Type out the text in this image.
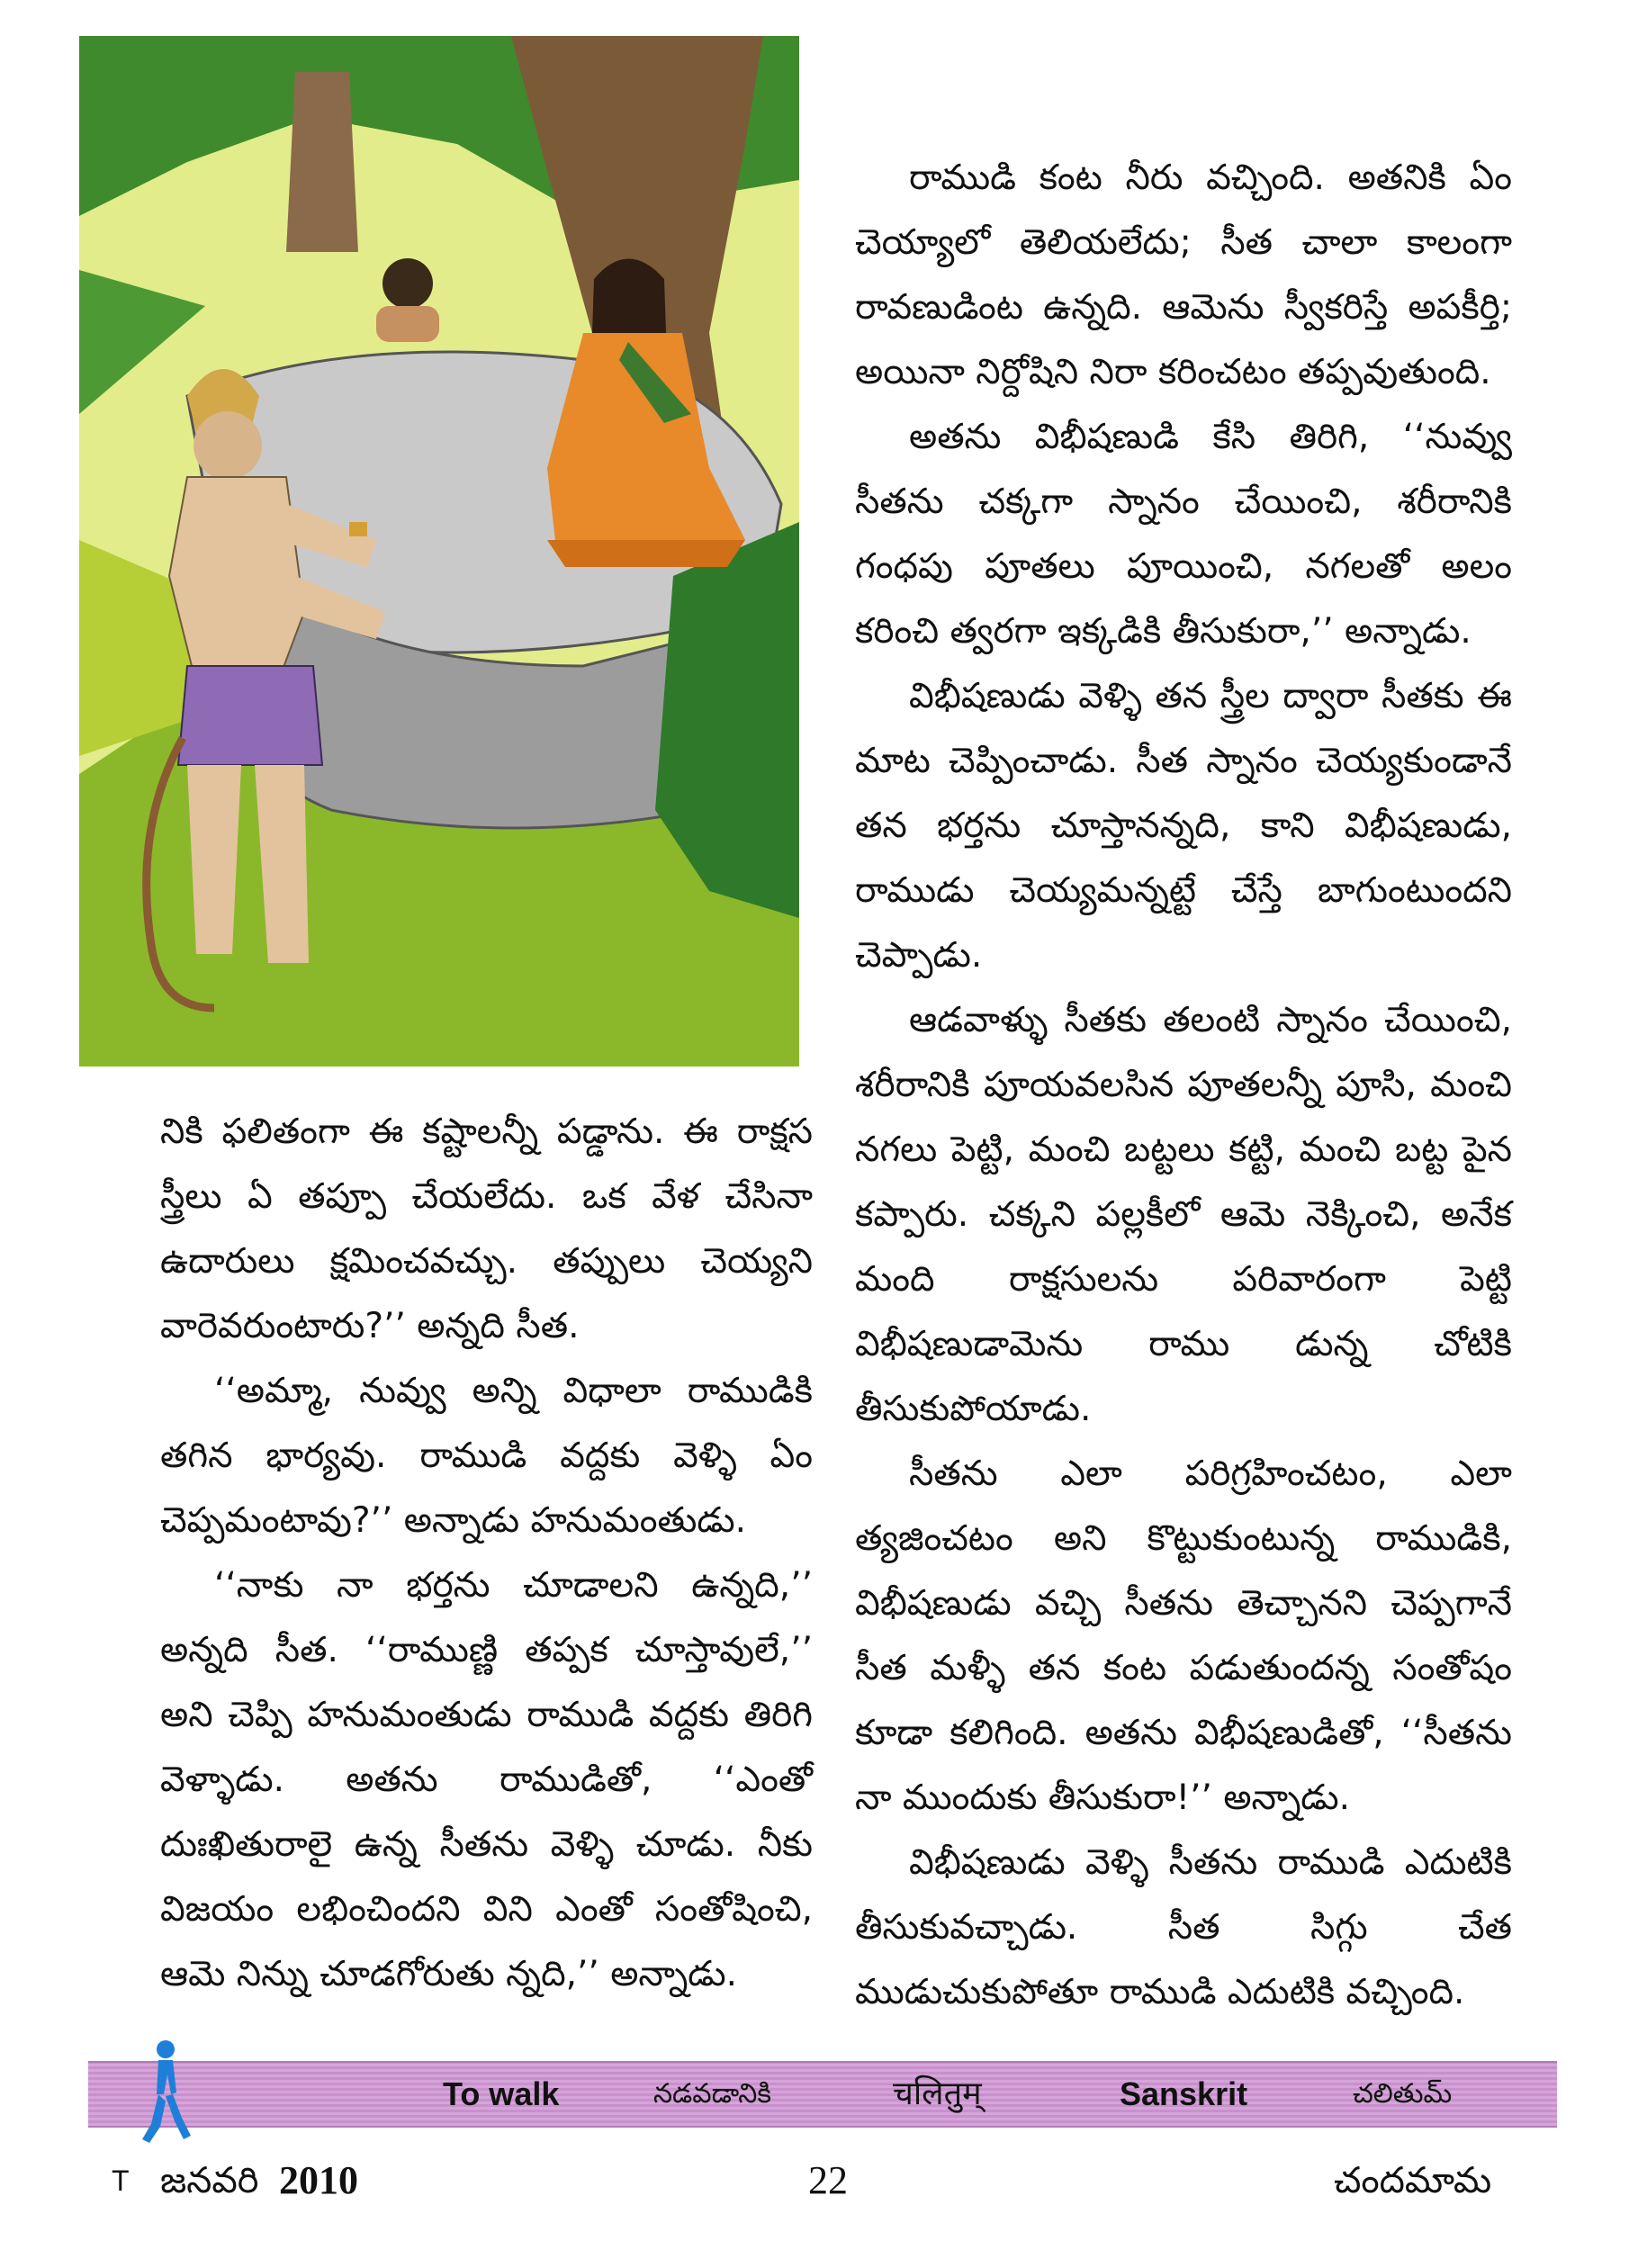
నికి ఫలితంగా ఈ కష్టాలన్నీ పడ్డాను. ఈ రాక్షస స్త్రీలు ఏ తప్పూ చేయలేదు. ఒక వేళ చేసినా ఉదారులు క్షమించవచ్చు. తప్పులు చెయ్యని వారెవరుంటారు?’’ అన్నది సీత.

‘‘అమ్మా, నువ్వు అన్ని విధాలా రాముడికి తగిన భార్యవు. రాముడి వద్దకు వెళ్ళి ఏం చెప్పమంటావు?’’ అన్నాడు హనుమంతుడు.

‘‘నాకు నా భర్తను చూడాలని ఉన్నది,’’ అన్నది సీత. ‘‘రాముణ్ణి తప్పక చూస్తావులే,’’ అని చెప్పి హనుమంతుడు రాముడి వద్దకు తిరిగి వెళ్ళాడు. అతను రాముడితో, ‘‘ఎంతో దుఃఖితురాలై ఉన్న సీతను వెళ్ళి చూడు. నీకు విజయం లభించిందని విని ఎంతో సంతోషించి, ఆమె నిన్ను చూడగోరుతు న్నది,’’ అన్నాడు.

రాముడి కంట నీరు వచ్చింది. అతనికి ఏం చెయ్యాలో తెలియలేదు; సీత చాలా కాలంగా రావణుడింట ఉన్నది. ఆమెను స్వీకరిస్తే అపకీర్తి; అయినా నిర్దోషిని నిరా కరించటం తప్పవుతుంది.

అతను విభీషణుడి కేసి తిరిగి, ‘‘నువ్వు సీతను చక్కగా స్నానం చేయించి, శరీరానికి గంధపు పూతలు పూయించి, నగలతో అలం కరించి త్వరగా ఇక్కడికి తీసుకురా,’’ అన్నాడు.

విభీషణుడు వెళ్ళి తన స్త్రీల ద్వారా సీతకు ఈ మాట చెప్పించాడు. సీత స్నానం చెయ్యకుండానే తన భర్తను చూస్తానన్నది, కాని విభీషణుడు, రాముడు చెయ్యమన్నట్టే చేస్తే బాగుంటుందని చెప్పాడు.

ఆడవాళ్ళు సీతకు తలంటి స్నానం చేయించి, శరీరానికి పూయవలసిన పూతలన్నీ పూసి, మంచి నగలు పెట్టి, మంచి బట్టలు కట్టి, మంచి బట్ట పైన కప్పారు. చక్కని పల్లకీలో ఆమె నెక్కించి, అనేక మంది రాక్షసులను పరివారంగా పెట్టి విభీషణుడామెను రాము డున్న చోటికి తీసుకుపోయాడు.

సీతను ఎలా పరిగ్రహించటం, ఎలా త్యజించటం అని కొట్టుకుంటున్న రాముడికి, విభీషణుడు వచ్చి సీతను తెచ్చానని చెప్పగానే సీత మళ్ళీ తన కంట పడుతుందన్న సంతోషం కూడా కలిగింది. అతను విభీషణుడితో, ‘‘సీతను నా ముందుకు తీసుకురా!’’ అన్నాడు.

విభీషణుడు వెళ్ళి సీతను రాముడి ఎదుటికి తీసుకువచ్చాడు. సీత సిగ్గు చేత ముడుచుకుపోతూ రాముడి ఎదుటికి వచ్చింది.

To walk	నడవడానికి	चलितुम्	Sanskrit	చలితుమ్
T జనవరి 2010	22	చందమామ
